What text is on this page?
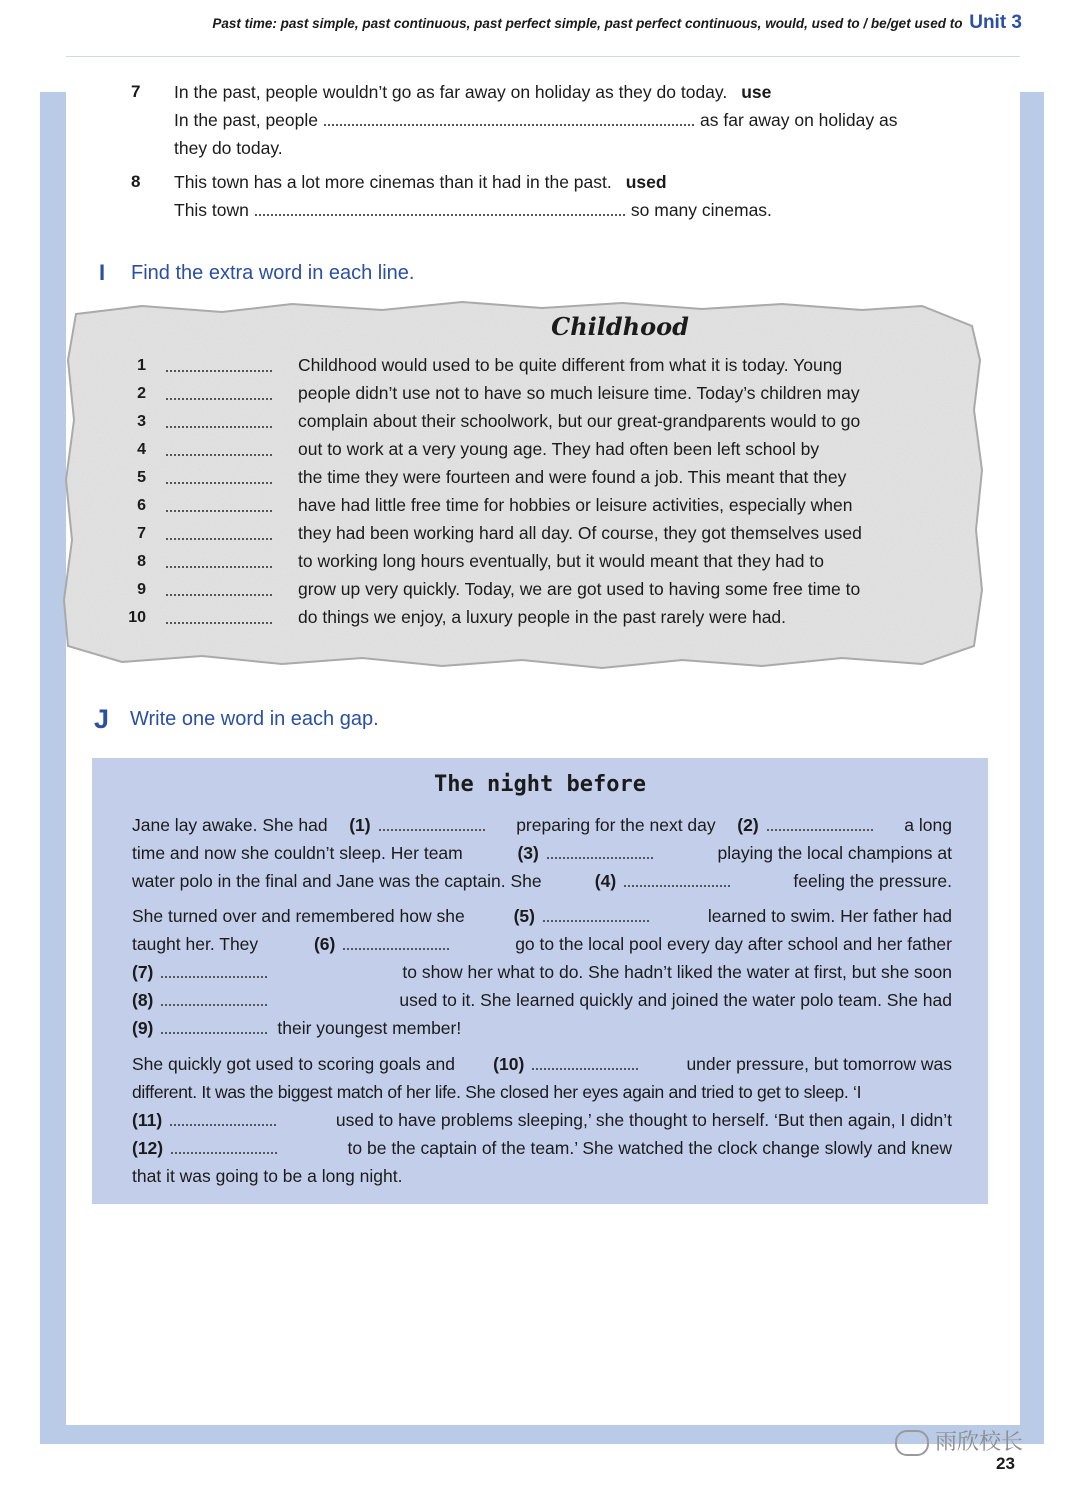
Past time: past simple, past continuous, past perfect simple, past perfect continuous, would, used to / be/get used to Unit 3
7 In the past, people wouldn’t go as far away on holiday as they do today. use
In the past, people	as far away on holiday as
they do today.
8 This town has a lot more cinemas than it had in the past. used
This town	so many cinemas.
I Find the extra word in each line.
Childhood
1	Childhood would used to be quite different from what it is today. Young
2	people didn’t use not to have so much leisure time. Today’s children may
3	complain about their schoolwork, but our great-grandparents would to go
4	out to work at a very young age. They had often been left school by
5	the time they were fourteen and were found a job. This meant that they
6	have had little free time for hobbies or leisure activities, especially when
7	they had been working hard all day. Of course, they got themselves used
8	to working long hours eventually, but it would meant that they had to
9	grow up very quickly. Today, we are got used to having some free time to
10	do things we enjoy, a luxury people in the past rarely were had.
J Write one word in each gap.
The night before
Jane lay awake. She had (1)	preparing for the next day (2)	a long
time and now she couldn’t sleep. Her team	(3)	playing the local champions at
water polo in the final and Jane was the captain. She	(4)	feeling the pressure.
She turned over and remembered how she	(5)	learned to swim. Her father had
taught her. They	(6)	go to the local pool every day after school and her father
(7)	to show her what to do. She hadn’t liked the water at first, but she soon
(8)	used to it. She learned quickly and joined the water polo team. She had
(9)	their youngest member!
She quickly got used to scoring goals and (10)	under pressure, but tomorrow was
different. It was the biggest match of her life. She closed her eyes again and tried to get to sleep. ‘I
(11)	used to have problems sleeping,’ she thought to herself. ‘But then again, I didn’t
(12)	to be the captain of the team.’ She watched the clock change slowly and knew
that it was going to be a long night.
雨欣校长
23
